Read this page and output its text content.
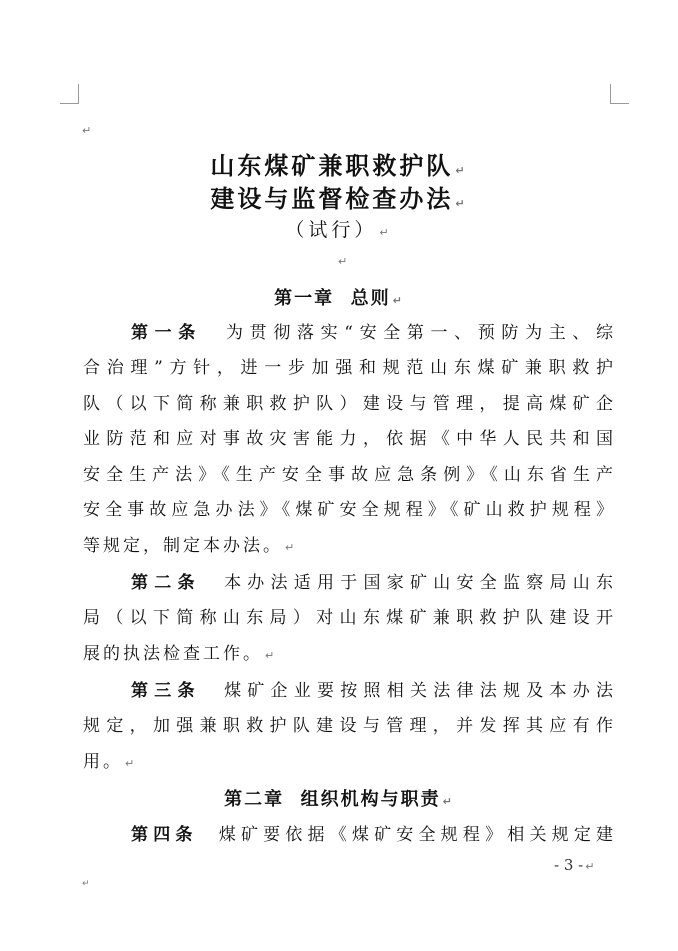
↵
山东煤矿兼职救护队 ↵
建设与监督检查办法 ↵
（试行） ↵
↵
第一章  总则 ↵
第一条 为贯彻落实“安全第一、预防为主、综
合治理”方针，进一步加强和规范山东煤矿兼职救护
队（以下简称兼职救护队）建设与管理，提高煤矿企
业防范和应对事故灾害能力，依据《中华人民共和国
安全生产法》《生产安全事故应急条例》《山东省生产
安全事故应急办法》《煤矿安全规程》《矿山救护规程》
等规定，制定本办法。 ↵
第二条 本办法适用于国家矿山安全监察局山东
局（以下简称山东局）对山东煤矿兼职救护队建设开
展的执法检查工作。 ↵
第三条 煤矿企业要按照相关法律法规及本办法
规定，加强兼职救护队建设与管理，并发挥其应有作
用。 ↵
第二章  组织机构与职责 ↵
第四条 煤矿要依据《煤矿安全规程》相关规定建
- 3 - ↵
↵
